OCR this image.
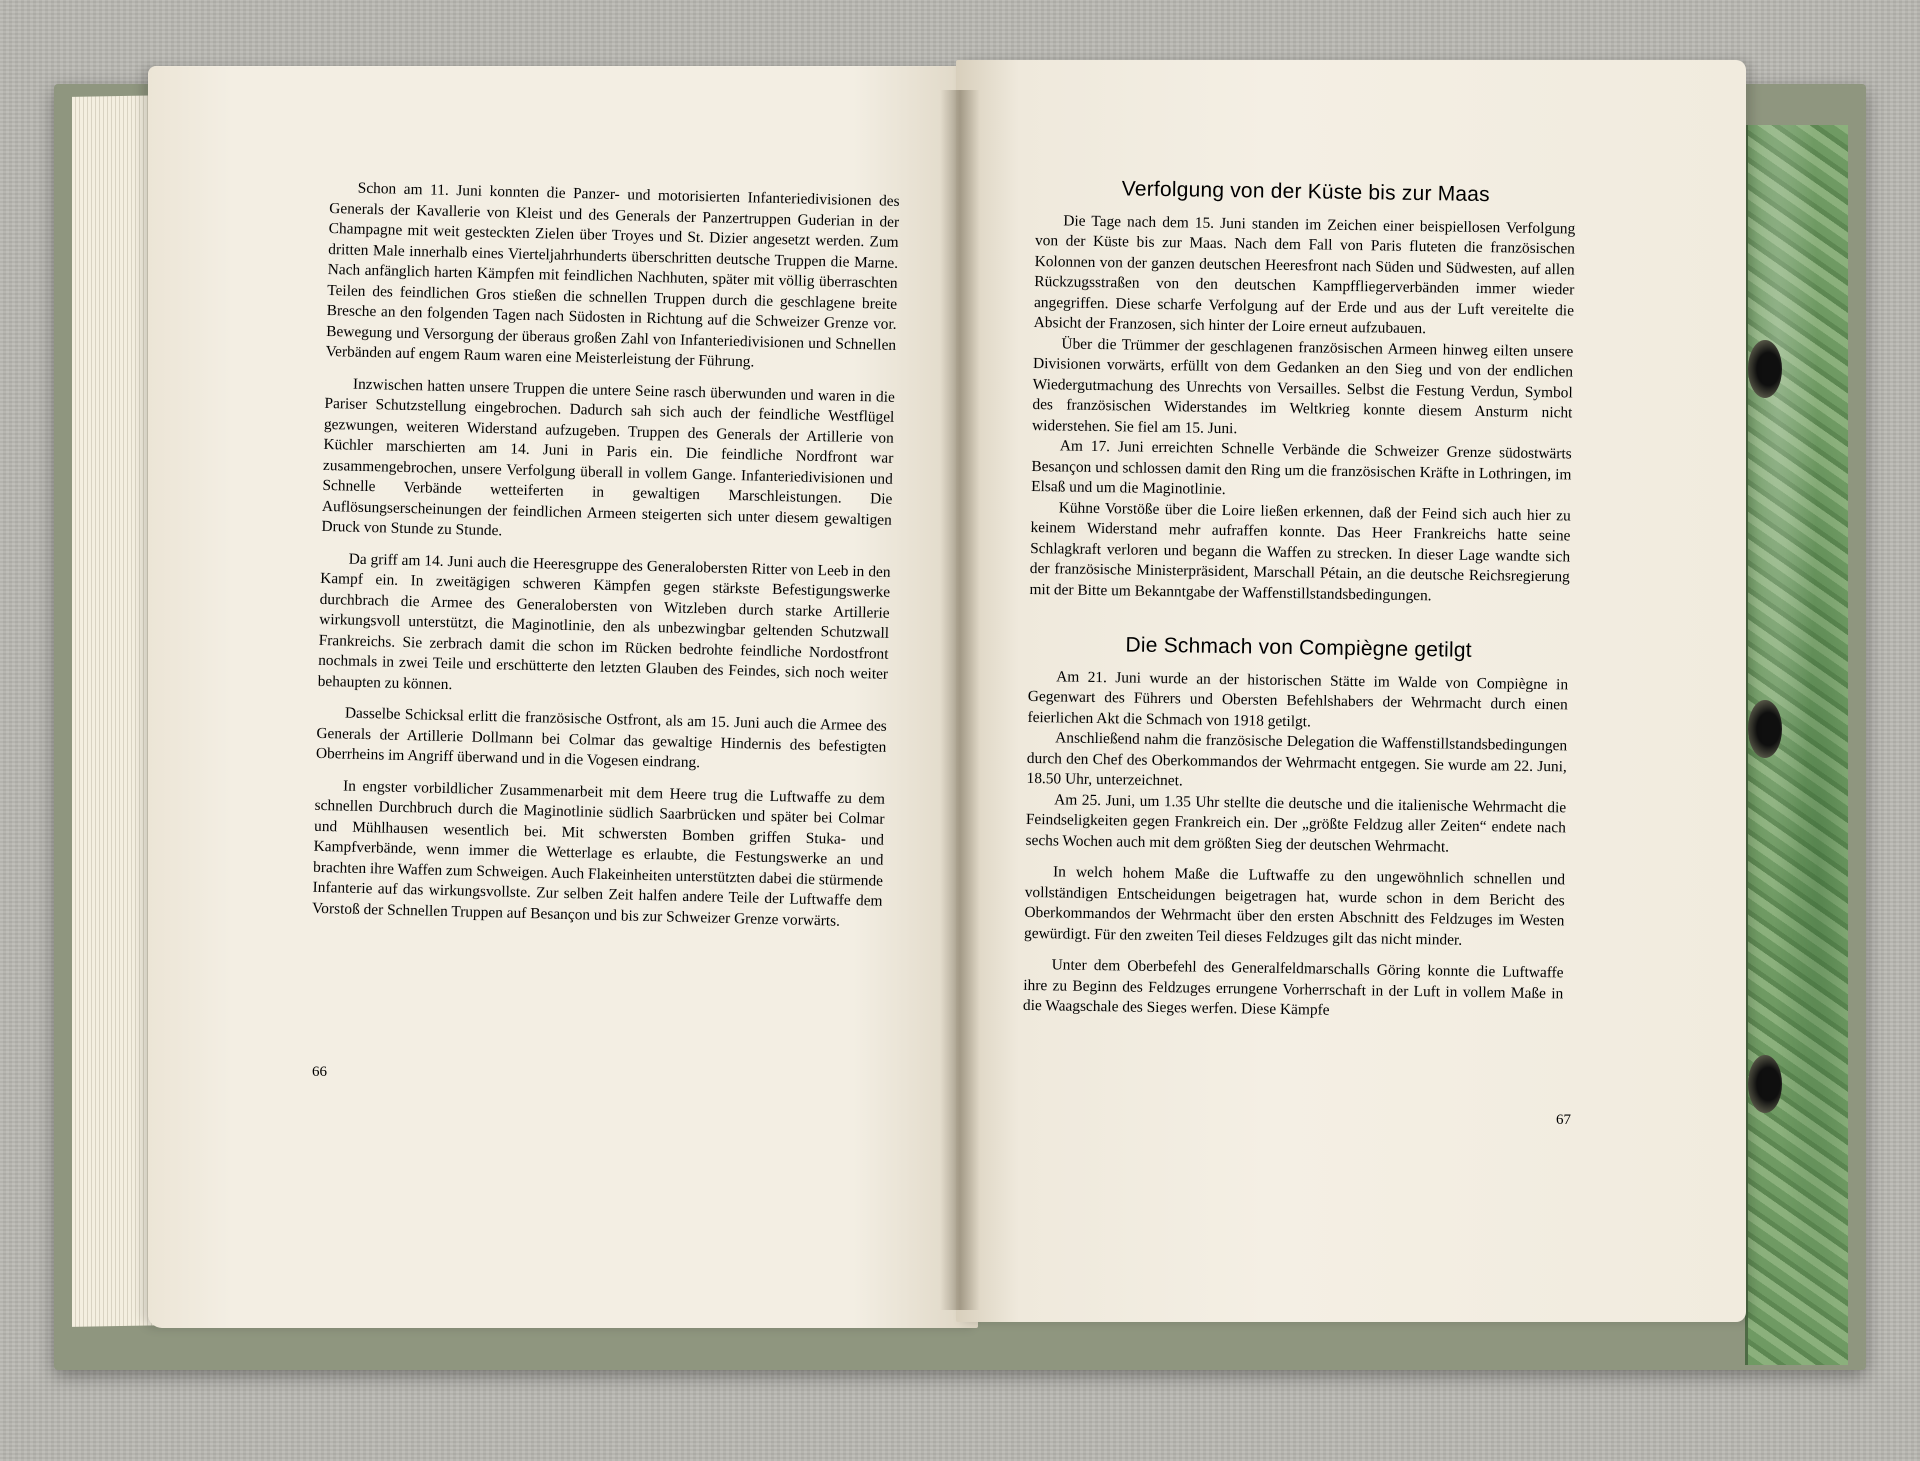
Schon am 11. Juni konnten die Panzer- und motorisierten Infanteriedivisionen des Generals der Kavallerie von Kleist und des Generals der Panzertruppen Guderian in der Champagne mit weit gesteckten Zielen über Troyes und St. Dizier angesetzt werden. Zum dritten Male innerhalb eines Vierteljahrhunderts überschritten deutsche Truppen die Marne. Nach anfänglich harten Kämpfen mit feindlichen Nachhuten, später mit völlig überraschten Teilen des feindlichen Gros stießen die schnellen Truppen durch die geschlagene breite Bresche an den folgenden Tagen nach Südosten in Richtung auf die Schweizer Grenze vor. Bewegung und Versorgung der überaus großen Zahl von Infanteriedivisionen und Schnellen Verbänden auf engem Raum waren eine Meisterleistung der Führung.

Inzwischen hatten unsere Truppen die untere Seine rasch überwunden und waren in die Pariser Schutzstellung eingebrochen. Dadurch sah sich auch der feindliche Westflügel gezwungen, weiteren Widerstand aufzugeben. Truppen des Generals der Artillerie von Küchler marschierten am 14. Juni in Paris ein. Die feindliche Nordfront war zusammengebrochen, unsere Verfolgung überall in vollem Gange. Infanteriedivisionen und Schnelle Verbände wetteiferten in gewaltigen Marschleistungen. Die Auflösungserscheinungen der feindlichen Armeen steigerten sich unter diesem gewaltigen Druck von Stunde zu Stunde.

Da griff am 14. Juni auch die Heeresgruppe des Generalobersten Ritter von Leeb in den Kampf ein. In zweitägigen schweren Kämpfen gegen stärkste Befestigungswerke durchbrach die Armee des Generalobersten von Witzleben durch starke Artillerie wirkungsvoll unterstützt, die Maginotlinie, den als unbezwingbar geltenden Schutzwall Frankreichs. Sie zerbrach damit die schon im Rücken bedrohte feindliche Nordostfront nochmals in zwei Teile und erschütterte den letzten Glauben des Feindes, sich noch weiter behaupten zu können.

Dasselbe Schicksal erlitt die französische Ostfront, als am 15. Juni auch die Armee des Generals der Artillerie Dollmann bei Colmar das gewaltige Hindernis des befestigten Oberrheins im Angriff überwand und in die Vogesen eindrang.

In engster vorbildlicher Zusammenarbeit mit dem Heere trug die Luftwaffe zu dem schnellen Durchbruch durch die Maginotlinie südlich Saarbrücken und später bei Colmar und Mühlhausen wesentlich bei. Mit schwersten Bomben griffen Stuka- und Kampfverbände, wenn immer die Wetterlage es erlaubte, die Festungswerke an und brachten ihre Waffen zum Schweigen. Auch Flakeinheiten unterstützten dabei die stürmende Infanterie auf das wirkungsvollste. Zur selben Zeit halfen andere Teile der Luftwaffe dem Vorstoß der Schnellen Truppen auf Besançon und bis zur Schweizer Grenze vorwärts.

66
Verfolgung von der Küste bis zur Maas

Die Tage nach dem 15. Juni standen im Zeichen einer beispiellosen Verfolgung von der Küste bis zur Maas. Nach dem Fall von Paris fluteten die französischen Kolonnen von der ganzen deutschen Heeresfront nach Süden und Südwesten, auf allen Rückzugsstraßen von den deutschen Kampffliegerverbänden immer wieder angegriffen. Diese scharfe Verfolgung auf der Erde und aus der Luft vereitelte die Absicht der Franzosen, sich hinter der Loire erneut aufzubauen.

Über die Trümmer der geschlagenen französischen Armeen hinweg eilten unsere Divisionen vorwärts, erfüllt von dem Gedanken an den Sieg und von der endlichen Wiedergutmachung des Unrechts von Versailles. Selbst die Festung Verdun, Symbol des französischen Widerstandes im Weltkrieg konnte diesem Ansturm nicht widerstehen. Sie fiel am 15. Juni.

Am 17. Juni erreichten Schnelle Verbände die Schweizer Grenze südostwärts Besançon und schlossen damit den Ring um die französischen Kräfte in Lothringen, im Elsaß und um die Maginotlinie.

Kühne Vorstöße über die Loire ließen erkennen, daß der Feind sich auch hier zu keinem Widerstand mehr aufraffen konnte. Das Heer Frankreichs hatte seine Schlagkraft verloren und begann die Waffen zu strecken. In dieser Lage wandte sich der französische Ministerpräsident, Marschall Pétain, an die deutsche Reichsregierung mit der Bitte um Bekanntgabe der Waffenstillstandsbedingungen.

Die Schmach von Compiègne getilgt

Am 21. Juni wurde an der historischen Stätte im Walde von Compiègne in Gegenwart des Führers und Obersten Befehlshabers der Wehrmacht durch einen feierlichen Akt die Schmach von 1918 getilgt.

Anschließend nahm die französische Delegation die Waffenstillstandsbedingungen durch den Chef des Oberkommandos der Wehrmacht entgegen. Sie wurde am 22. Juni, 18.50 Uhr, unterzeichnet.

Am 25. Juni, um 1.35 Uhr stellte die deutsche und die italienische Wehrmacht die Feindseligkeiten gegen Frankreich ein. Der „größte Feldzug aller Zeiten“ endete nach sechs Wochen auch mit dem größten Sieg der deutschen Wehrmacht.

In welch hohem Maße die Luftwaffe zu den ungewöhnlich schnellen und vollständigen Entscheidungen beigetragen hat, wurde schon in dem Bericht des Oberkommandos der Wehrmacht über den ersten Abschnitt des Feldzuges im Westen gewürdigt. Für den zweiten Teil dieses Feldzuges gilt das nicht minder.

Unter dem Oberbefehl des Generalfeldmarschalls Göring konnte die Luftwaffe ihre zu Beginn des Feldzuges errungene Vorherrschaft in der Luft in vollem Maße in die Waagschale des Sieges werfen. Diese Kämpfe

67
